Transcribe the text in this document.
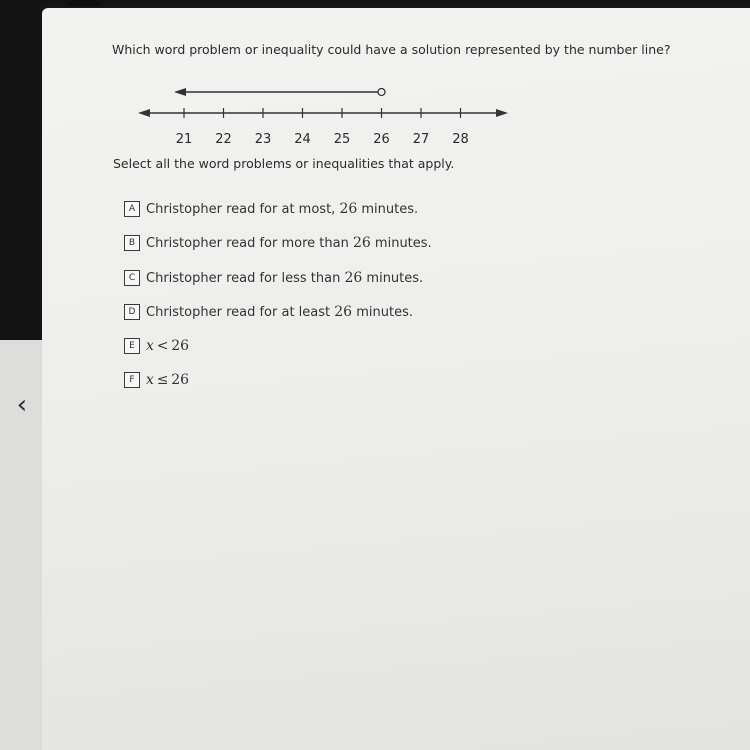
‹
Which word problem or inequality could have a solution represented by the number line?
21 22 23 24 25 26 27 28
Select all the word problems or inequalities that apply.
A Christopher read for at most, 26 minutes.
B Christopher read for more than 26 minutes.
C Christopher read for less than 26 minutes.
D Christopher read for at least 26 minutes.
E x  <  26
F x  ≤  26
